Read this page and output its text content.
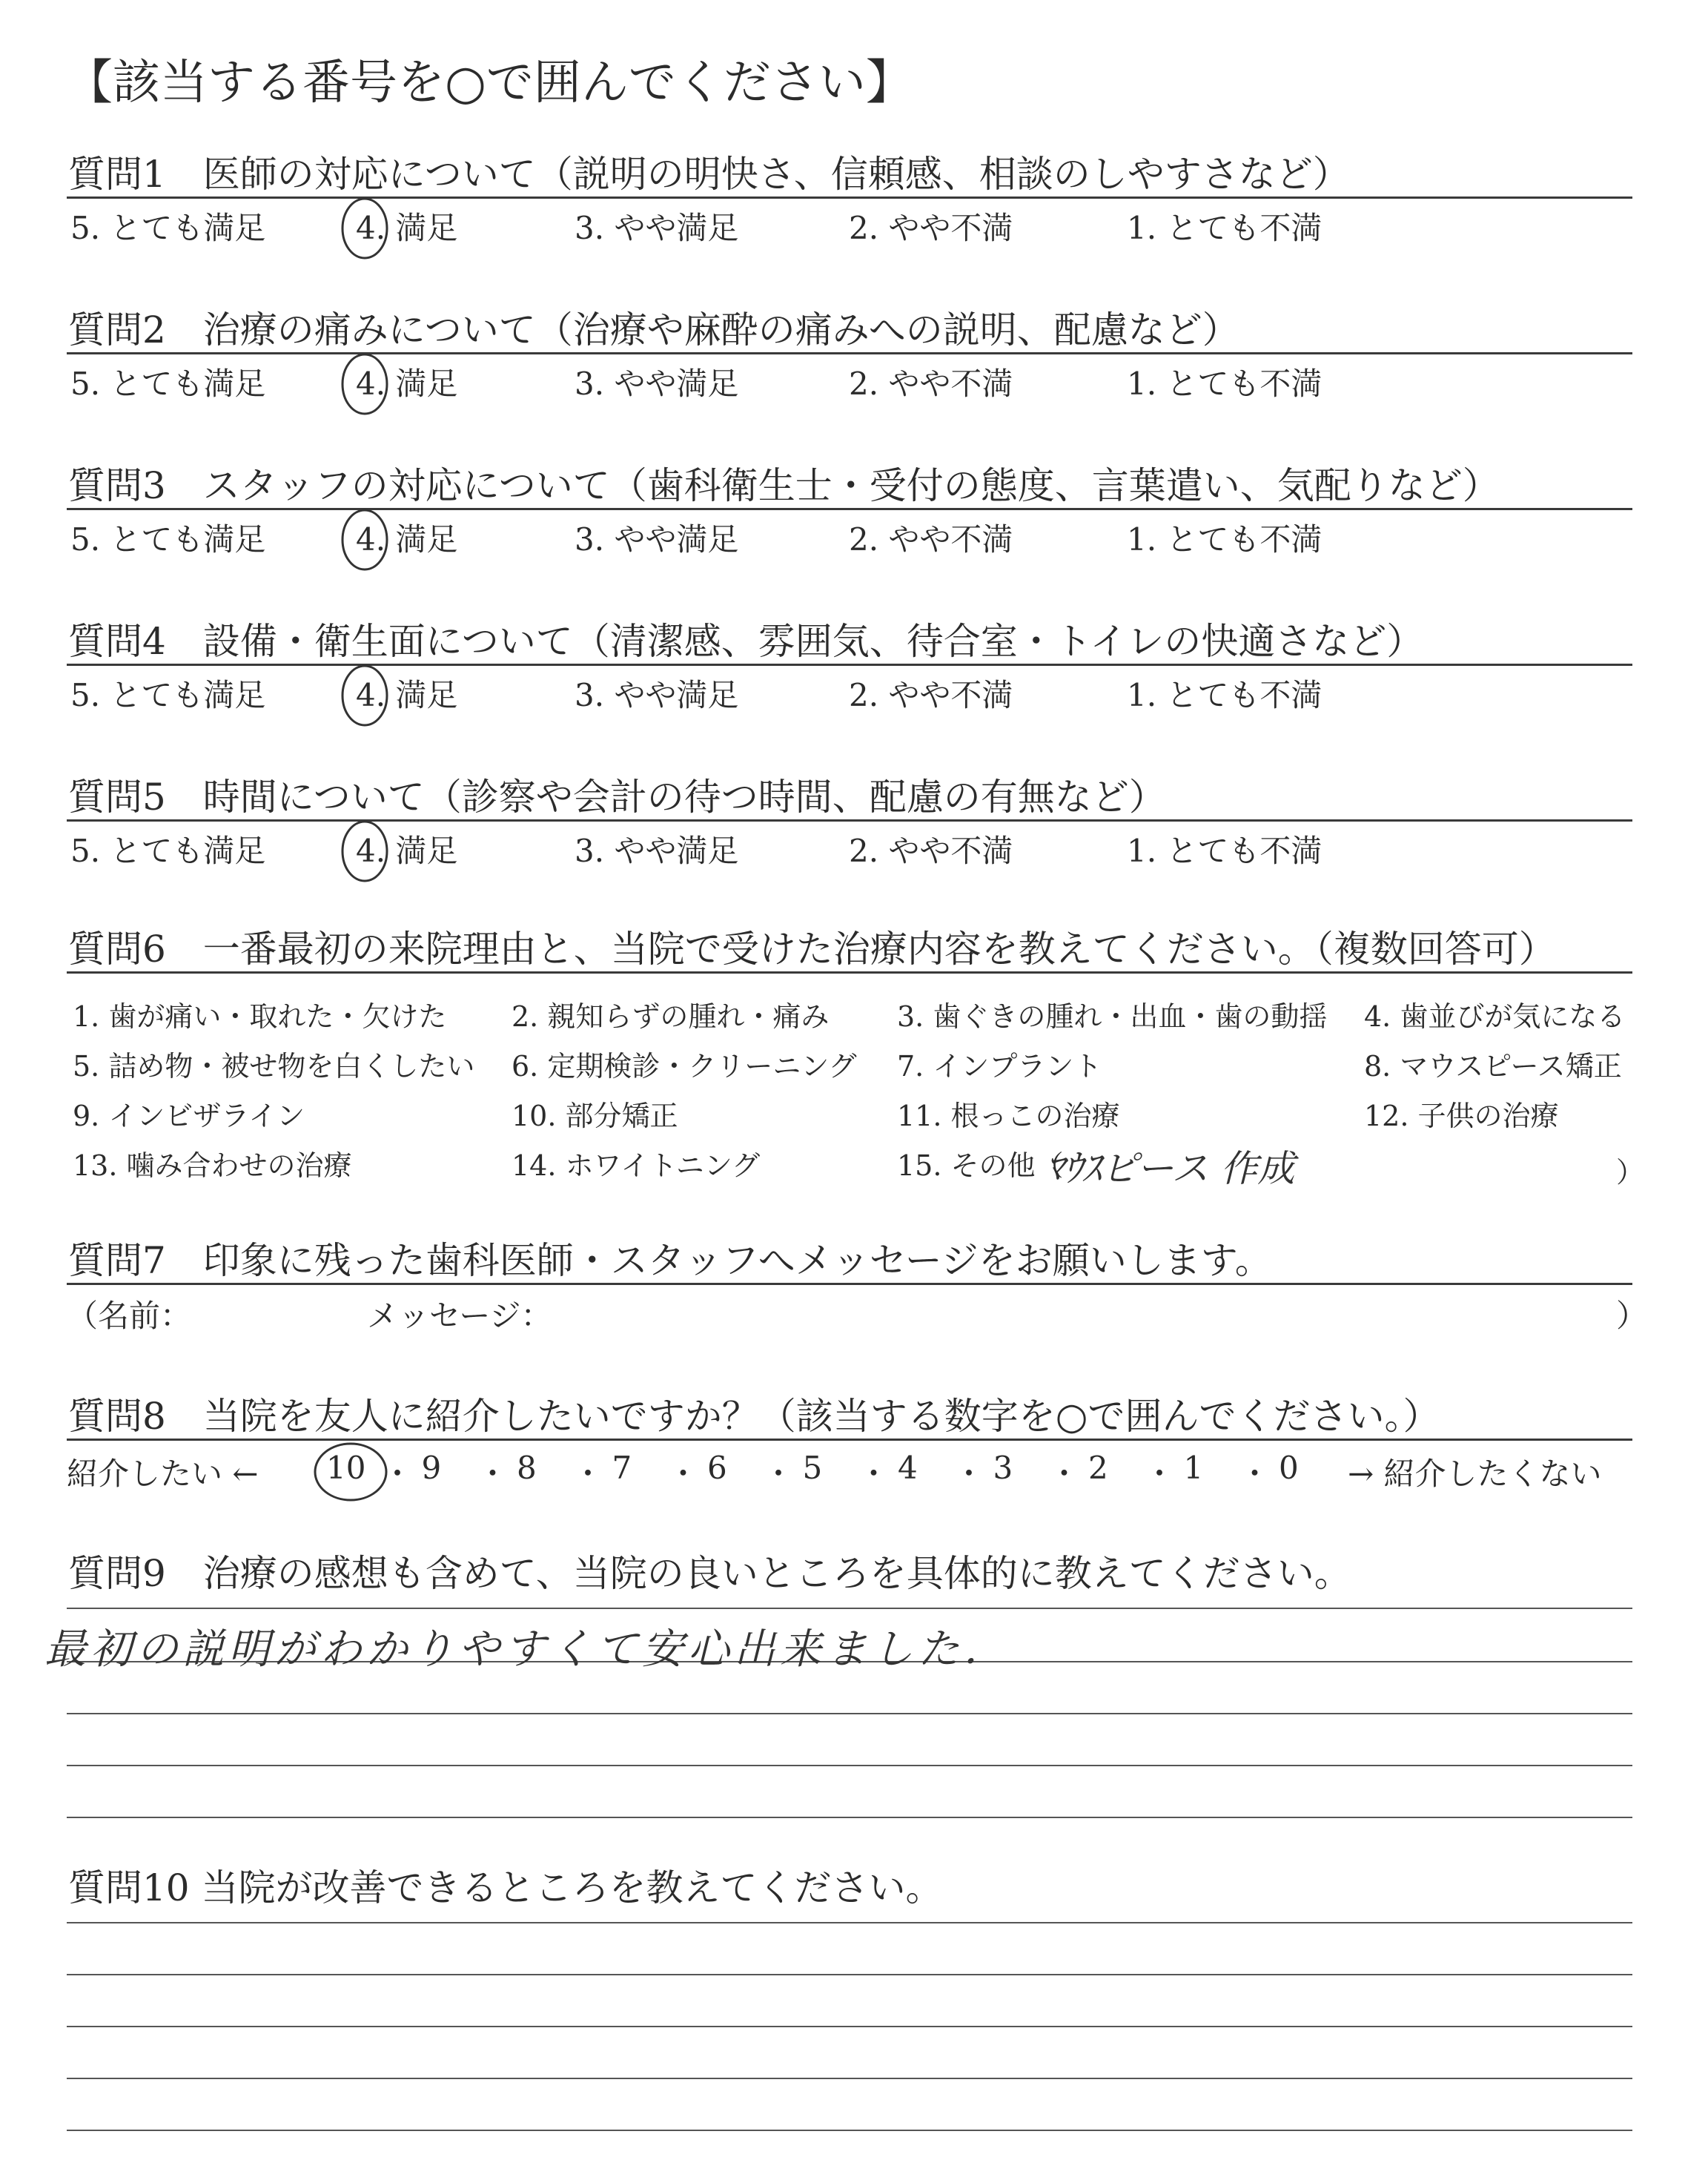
【該当する番号を○で囲んでください】
質問6　一番最初の来院理由と、当院で受けた治療内容を教えてください。（複数回答可）
ﾏｳｽピース 作成	）
質問7　印象に残った歯科医師・スタッフへメッセージをお願いします。
（名前：	メッセージ：	）
質問8　当院を友人に紹介したいですか？（該当する数字を○で囲んでください。）
紹介したい ←	→ 紹介したくない
質問9　治療の感想も含めて、当院の良いところを具体的に教えてください。
最初の説明がわかりやすくて安心出来ました．
質問10 当院が改善できるところを教えてください。
質問1　医師の対応について（説明の明快さ、信頼感、相談のしやすさなど）
5. とても満足	4. 満足	3. やや満足	2. やや不満	1. とても不満
質問2　治療の痛みについて（治療や麻酔の痛みへの説明、配慮など）
5. とても満足	4. 満足	3. やや満足	2. やや不満	1. とても不満
質問3　スタッフの対応について（歯科衛生士・受付の態度、言葉遣い、気配りなど）
5. とても満足	4. 満足	3. やや満足	2. やや不満	1. とても不満
質問4　設備・衛生面について（清潔感、雰囲気、待合室・トイレの快適さなど）
5. とても満足	4. 満足	3. やや満足	2. やや不満	1. とても不満
質問5　時間について（診察や会計の待つ時間、配慮の有無など）
5. とても満足	4. 満足	3. やや満足	2. やや不満	1. とても不満
1. 歯が痛い・取れた・欠けた 2. 親知らずの腫れ・痛み 3. 歯ぐきの腫れ・出血・歯の動揺 4. 歯並びが気になる
5. 詰め物・被せ物を白くしたい 6. 定期検診・クリーニング 7. インプラント	8. マウスピース矯正
9. インビザライン	10. 部分矯正	11. 根っこの治療	12. 子供の治療
13. 噛み合わせの治療	14. ホワイトニング	15. その他（
10 ・ 9 ・ 8 ・ 7 ・ 6 ・ 5 ・ 4 ・ 3 ・ 2 ・ 1 ・ 0
